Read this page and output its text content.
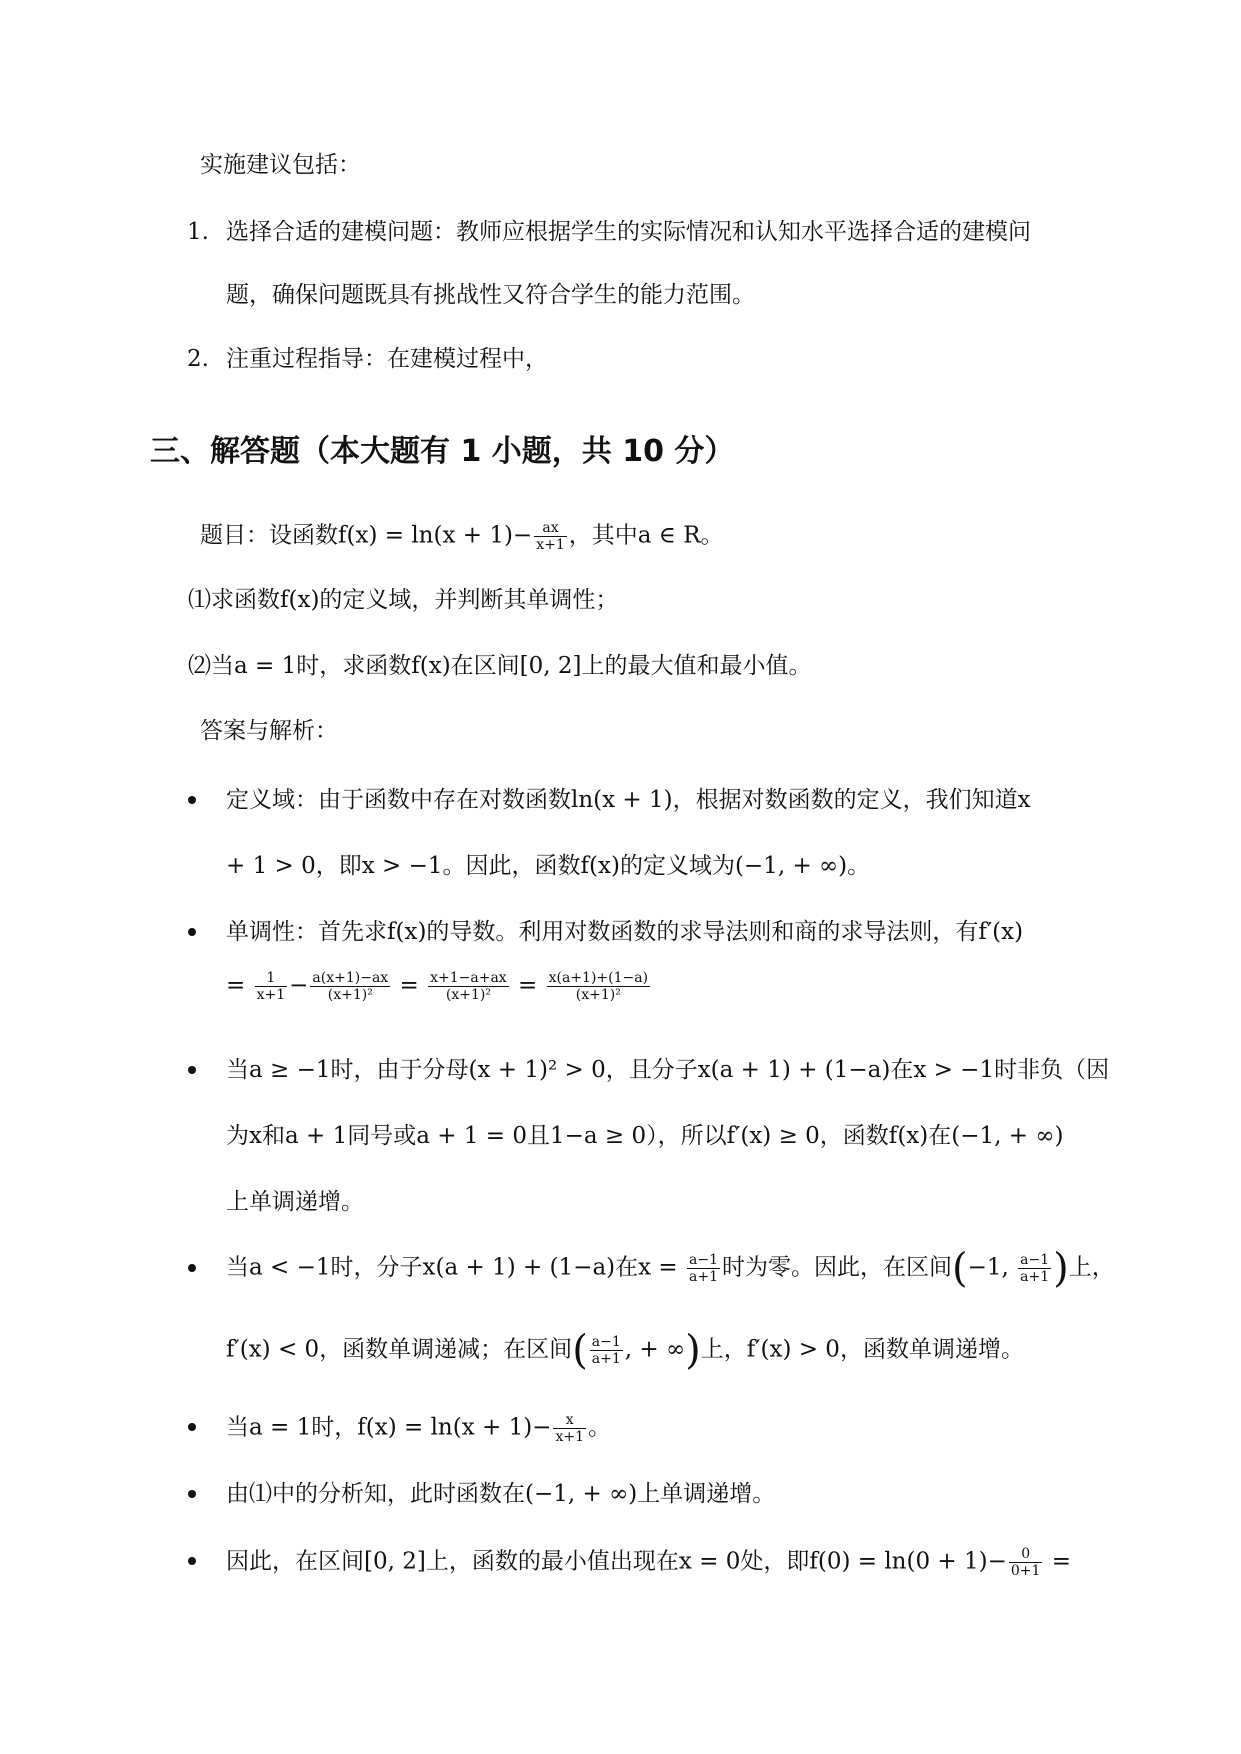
实施建议包括：
1. 选择合适的建模问题：教师应根据学生的实际情况和认知水平选择合适的建模问
题，确保问题既具有挑战性又符合学生的能力范围。
2. 注重过程指导：在建模过程中，
三、解答题（本大题有 1 小题，共 10 分）
题目：设函数$f(x) = \ln(x + 1)- \frac{ax}{x+1}$ ，其中a ∈ R。
⑴求函数f(x)的定义域，并判断其单调性；
⑵当a = 1时，求函数f(x)在区间[0, 2]上的最大值和最小值。
答案与解析：
定义域：由于函数中存在对数函数ln(x + 1)，根据对数函数的定义，我们知道x
+ 1 > 0，即x > −1。因此，函数f(x)的定义域为(−1, + ∞)。
单调性：首先求f(x)的导数。利用对数函数的求导法则和商的求导法则，有f′(x)
= $\frac{1}{x+1} - \frac{a(x+1)-ax}{\text{(x+1)²}} = \frac{x+1-a+ax}{\text{(x+1)²}} = \frac{x(a+1)+(1-a)}{\text{(x+1)²}}$
当a ≥ −1时，由于分母(x + 1)² > 0，且分子x(a + 1) + (1−a)在x > −1时非负（因
为x和a + 1同号或a + 1 = 0且1−a ≥ 0），所以f′(x) ≥ 0，函数f(x)在(−1, + ∞)
上单调递增。
当a < −1时，分子x(a + 1) + (1−a)在$x = \frac{a-1}{a+1}$ 时为零。因此，在区间(−1, $\frac{a-1}{a+1}$ )上，
f′(x) < 0，函数单调递减；在区间( $\frac{a-1}{a+1}$ , + ∞)上，f′(x) > 0，函数单调递增。
当a = 1时，$f(x) = \ln(x + 1)- \frac{x}{x+1}$ 。
由⑴中的分析知，此时函数在(−1, + ∞)上单调递增。
因此，在区间[0, 2]上，函数的最小值出现在x = 0处，即$f(0) = \ln(0 + 1)- \frac{0}{0+1}$ =
